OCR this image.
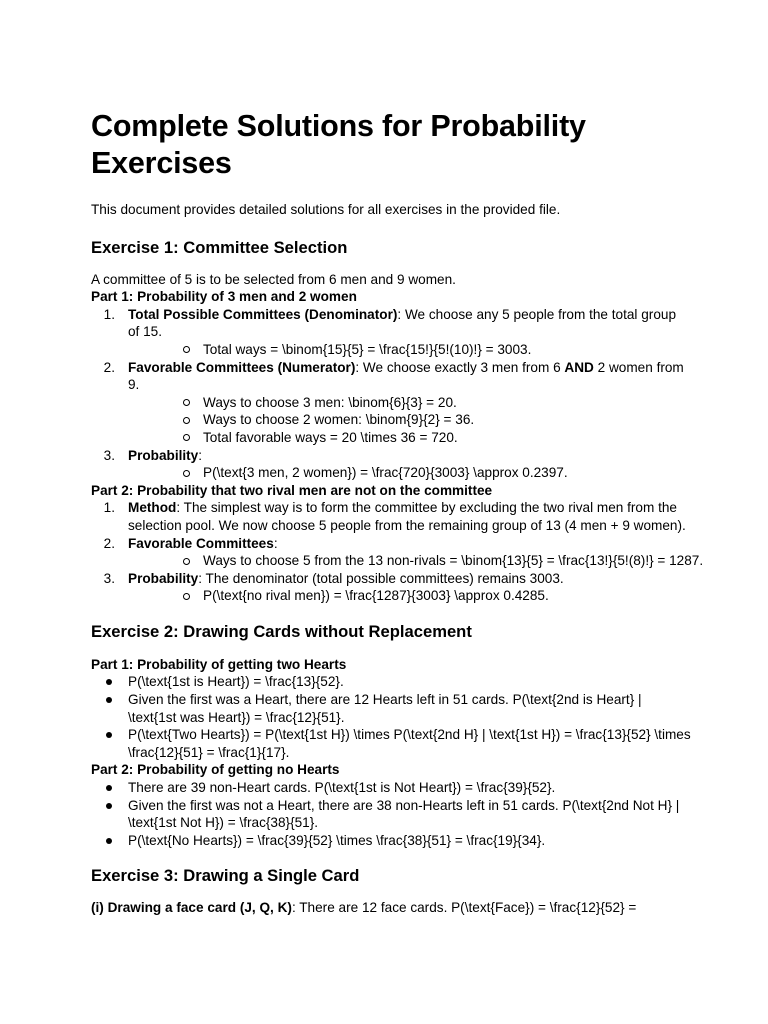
Complete Solutions for Probability Exercises

This document provides detailed solutions for all exercises in the provided file.

Exercise 1: Committee Selection

A committee of 5 is to be selected from 6 men and 9 women.

Part 1: Probability of 3 men and 2 women

1. Total Possible Committees (Denominator): We choose any 5 people from the total group of 15.
Total ways = \binom{15}{5} = \frac{15!}{5!(10)!} = 3003.
2. Favorable Committees (Numerator): We choose exactly 3 men from 6 AND 2 women from 9.
Ways to choose 3 men: \binom{6}{3} = 20.
Ways to choose 2 women: \binom{9}{2} = 36.
Total favorable ways = 20 \times 36 = 720.
3. Probability:
P(\text{3 men, 2 women}) = \frac{720}{3003} \approx 0.2397.

Part 2: Probability that two rival men are not on the committee

1. Method: The simplest way is to form the committee by excluding the two rival men from the selection pool. We now choose 5 people from the remaining group of 13 (4 men + 9 women).
2. Favorable Committees:
Ways to choose 5 from the 13 non-rivals = \binom{13}{5} = \frac{13!}{5!(8)!} = 1287.
3. Probability: The denominator (total possible committees) remains 3003.
P(\text{no rival men}) = \frac{1287}{3003} \approx 0.4285.
Exercise 2: Drawing Cards without Replacement

Part 1: Probability of getting two Hearts

P(\text{1st is Heart}) = \frac{13}{52}.
Given the first was a Heart, there are 12 Hearts left in 51 cards. P(\text{2nd is Heart} | \text{1st was Heart}) = \frac{12}{51}.
P(\text{Two Hearts}) = P(\text{1st H}) \times P(\text{2nd H} | \text{1st H}) = \frac{13}{52} \times \frac{12}{51} = \frac{1}{17}.

Part 2: Probability of getting no Hearts

There are 39 non-Heart cards. P(\text{1st is Not Heart}) = \frac{39}{52}.
Given the first was not a Heart, there are 38 non-Hearts left in 51 cards. P(\text{2nd Not H} | \text{1st Not H}) = \frac{38}{51}.
P(\text{No Hearts}) = \frac{39}{52} \times \frac{38}{51} = \frac{19}{34}.
Exercise 3: Drawing a Single Card

(i) Drawing a face card (J, Q, K): There are 12 face cards. P(\text{Face}) = \frac{12}{52} =
